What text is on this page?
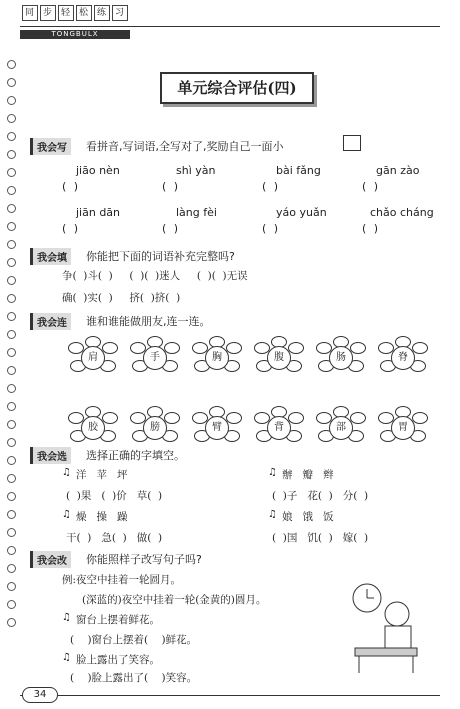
同 步 轻 松 练 习
TONGBULX
单元综合评估(四)
我会写	看拼音,写词语,全写对了,奖励自己一面小
jiāo nèn	shì yàn	bài fǎng	gān zào
( )	( )	( )	( )
jiān dān	làng fèi	yáo yuǎn	chǎo cháng
( )	( )	( )	( )
我会填	你能把下面的词语补充完整吗?
争(  )斗(  )     (  )(  )迷人     (  )(  )无误
确(  )实(  )     挤(  )挤(  )
我会连	谁和谁能做朋友,连一连。
我会选	选择正确的字填空。
♫ 洋   苹   坪	♫ 辦   瓣   辫
(  )果   (  )价   草(  )	(  )子   花(  )   分(  )
♫ 燥   操   躁	♫ 娘   饿   饭
干(  )   急(  )   做(  )	(  )国   饥(  )   嫁(  )
我会改	你能照样子改写句子吗?
例:夜空中挂着一轮圆月。
(深蓝的)夜空中挂着一轮(金黄的)圆月。
♫ 窗台上摆着鲜花。
(    )窗台上摆着(    )鲜花。
♫ 脸上露出了笑容。
(    )脸上露出了(    )笑容。
34
肩	手	胸	腹	肠	脊
胶	膀	臂	背	部	胃
